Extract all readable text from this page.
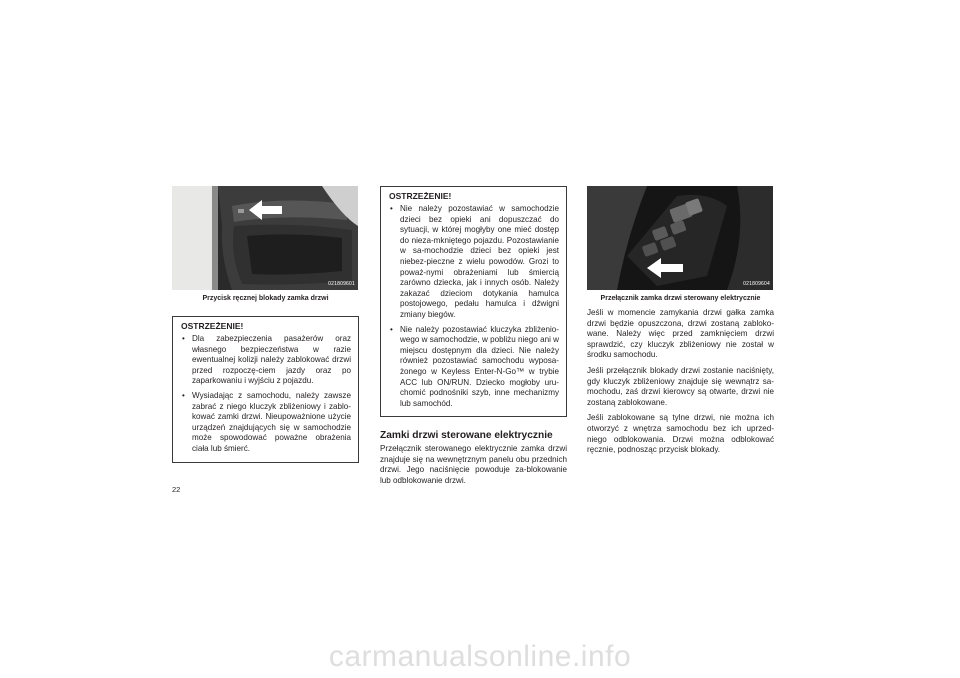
021809601
Przycisk ręcznej blokady zamka drzwi
OSTRZEŻENIE!
• Dla zabezpieczenia pasażerów oraz własnego bezpieczeństwa w razie ewentualnej kolizji należy zablokować drzwi przed rozpoczę-ciem jazdy oraz po zaparkowaniu i wyjściu z pojazdu.
• Wysiadając z samochodu, należy zawsze zabrać z niego kluczyk zbliżeniowy i zablo-kować zamki drzwi. Nieupoważnione użycie urządzeń znajdujących się w samochodzie może spowodować poważne obrażenia ciała lub śmierć.
OSTRZEŻENIE!
• Nie należy pozostawiać w samochodzie dzieci bez opieki ani dopuszczać do sytuacji, w której mogłyby one mieć dostęp do nieza-mkniętego pojazdu. Pozostawianie w sa-mochodzie dzieci bez opieki jest niebez-pieczne z wielu powodów. Grozi to poważ-nymi obrażeniami lub śmiercią zarówno dziecka, jak i innych osób. Należy zakazać dzieciom dotykania hamulca postojowego, pedału hamulca i dźwigni zmiany biegów.
• Nie należy pozostawiać kluczyka zbliżenio-wego w samochodzie, w pobliżu niego ani w miejscu dostępnym dla dzieci. Nie należy również pozostawiać samochodu wyposa-żonego w Keyless Enter-N-Go™ w trybie ACC lub ON/RUN. Dziecko mogłoby uru-chomić podnośniki szyb, inne mechanizmy lub samochód.
Zamki drzwi sterowane elektrycznie

Przełącznik sterowanego elektrycznie zamka drzwi znajduje się na wewnętrznym panelu obu przednich drzwi. Jego naciśnięcie powoduje za-blokowanie lub odblokowanie drzwi.

021809604
Przełącznik zamka drzwi sterowany elektrycznie

Jeśli w momencie zamykania drzwi gałka zamka drzwi będzie opuszczona, drzwi zostaną zabloko-wane. Należy więc przed zamknięciem drzwi sprawdzić, czy kluczyk zbliżeniowy nie został w środku samochodu.

Jeśli przełącznik blokady drzwi zostanie naciśnięty, gdy kluczyk zbliżeniowy znajduje się wewnątrz sa-mochodu, zaś drzwi kierowcy są otwarte, drzwi nie zostaną zablokowane.

Jeśli zablokowane są tylne drzwi, nie można ich otworzyć z wnętrza samochodu bez ich uprzed-niego odblokowania. Drzwi można odblokować ręcznie, podnosząc przycisk blokady.

22
carmanualsonline.info
